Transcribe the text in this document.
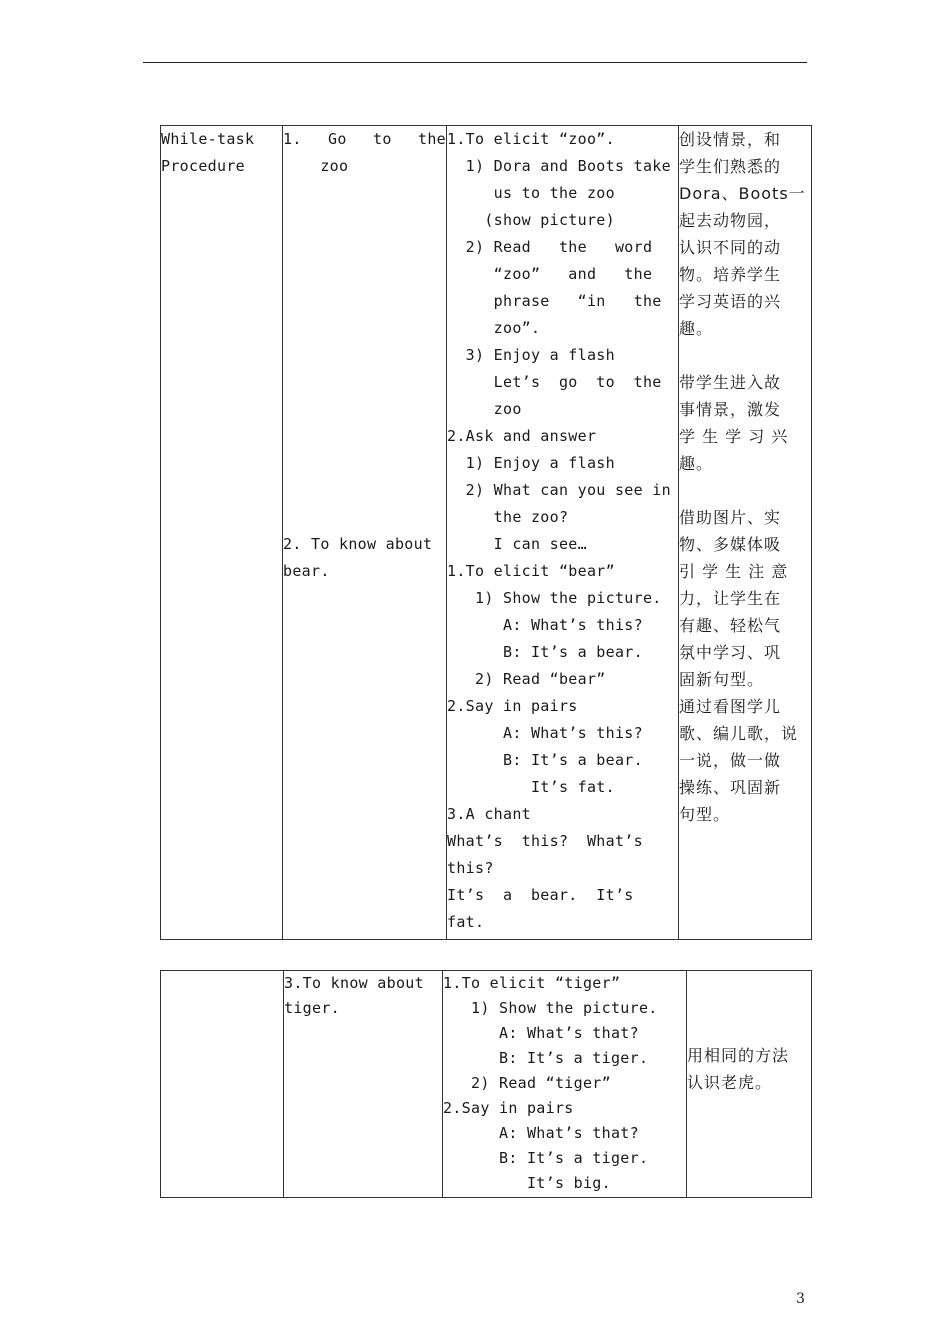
While-task
Procedure

1. Go to the
zoo
2. To know about
bear.

1.To elicit “zoo”.
1) Dora and Boots take
us to the zoo
(show picture)
2) Read   the   word
“zoo”   and   the
phrase   “in   the
zoo”.
3) Enjoy a flash
Let’s  go  to  the
zoo
2.Ask and answer
1) Enjoy a flash
2) What can you see in
the zoo?
I can see…
1.To elicit “bear”
1) Show the picture.
A: What’s this?
B: It’s a bear.
2) Read “bear”
2.Say in pairs
A: What’s this?
B: It’s a bear.
It’s fat.
3.A chant
What’s  this?  What’s
this?
It’s  a  bear.  It’s
fat.

创设情景，和
学生们熟悉的
Dora、Boots一
起去动物园，
认识不同的动
物。培养学生
学习英语的兴
趣。
带学生进入故
事情景，激发
学 生 学 习 兴
趣。
借助图片、实
物、多媒体吸
引 学 生 注 意
力，让学生在
有趣、轻松气
氛中学习、巩
固新句型。
通过看图学儿
歌、编儿歌，说
一说，做一做
操练、巩固新
句型。

3.To know about
tiger.

1.To elicit “tiger”
1) Show the picture.
A: What’s that?
B: It’s a tiger.
2) Read “tiger”
2.Say in pairs
A: What’s that?
B: It’s a tiger.
It’s big.

用相同的方法
认识老虎。
3
